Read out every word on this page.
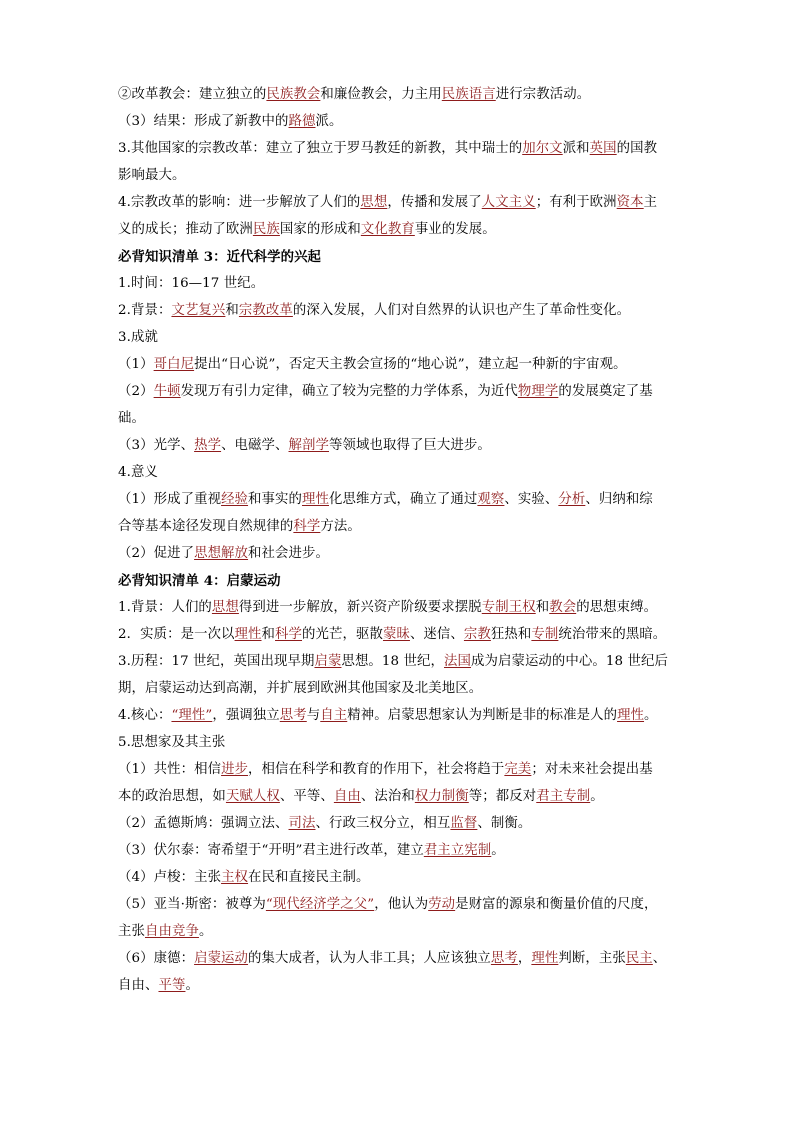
②改革教会：建立独立的民族教会和廉俭教会，力主用民族语言进行宗教活动。
（3）结果：形成了新教中的路德派。
3.其他国家的宗教改革：建立了独立于罗马教廷的新教，其中瑞士的加尔文派和英国的国教
影响最大。
4.宗教改革的影响：进一步解放了人们的思想，传播和发展了人文主义；有利于欧洲资本主
义的成长；推动了欧洲民族国家的形成和文化教育事业的发展。
必背知识清单 3：近代科学的兴起
1.时间：16—17 世纪。
2.背景：文艺复兴和宗教改革的深入发展，人们对自然界的认识也产生了革命性变化。
3.成就
（1）哥白尼提出“日心说”，否定天主教会宣扬的“地心说”，建立起一种新的宇宙观。
（2）牛顿发现万有引力定律，确立了较为完整的力学体系，为近代物理学的发展奠定了基
础。
（3）光学、热学、电磁学、解剖学等领域也取得了巨大进步。
4.意义
（1）形成了重视经验和事实的理性化思维方式，确立了通过观察、实验、分析、归纳和综
合等基本途径发现自然规律的科学方法。
（2）促进了思想解放和社会进步。
必背知识清单 4：启蒙运动
1.背景：人们的思想得到进一步解放，新兴资产阶级要求摆脱专制王权和教会的思想束缚。
2．实质：是一次以理性和科学的光芒，驱散蒙昧、迷信、宗教狂热和专制统治带来的黑暗。
3.历程：17 世纪，英国出现早期启蒙思想。18 世纪，法国成为启蒙运动的中心。18 世纪后
期，启蒙运动达到高潮，并扩展到欧洲其他国家及北美地区。
4.核心：“理性”，强调独立思考与自主精神。启蒙思想家认为判断是非的标准是人的理性。
5.思想家及其主张
（1）共性：相信进步，相信在科学和教育的作用下，社会将趋于完美；对未来社会提出基
本的政治思想，如天赋人权、平等、自由、法治和权力制衡等；都反对君主专制。
（2）孟德斯鸠：强调立法、司法、行政三权分立，相互监督、制衡。
（3）伏尔泰：寄希望于“开明”君主进行改革，建立君主立宪制。
（4）卢梭：主张主权在民和直接民主制。
（5）亚当·斯密：被尊为“现代经济学之父”，他认为劳动是财富的源泉和衡量价值的尺度，
主张自由竞争。
（6）康德：启蒙运动的集大成者，认为人非工具；人应该独立思考，理性判断，主张民主、
自由、平等。
